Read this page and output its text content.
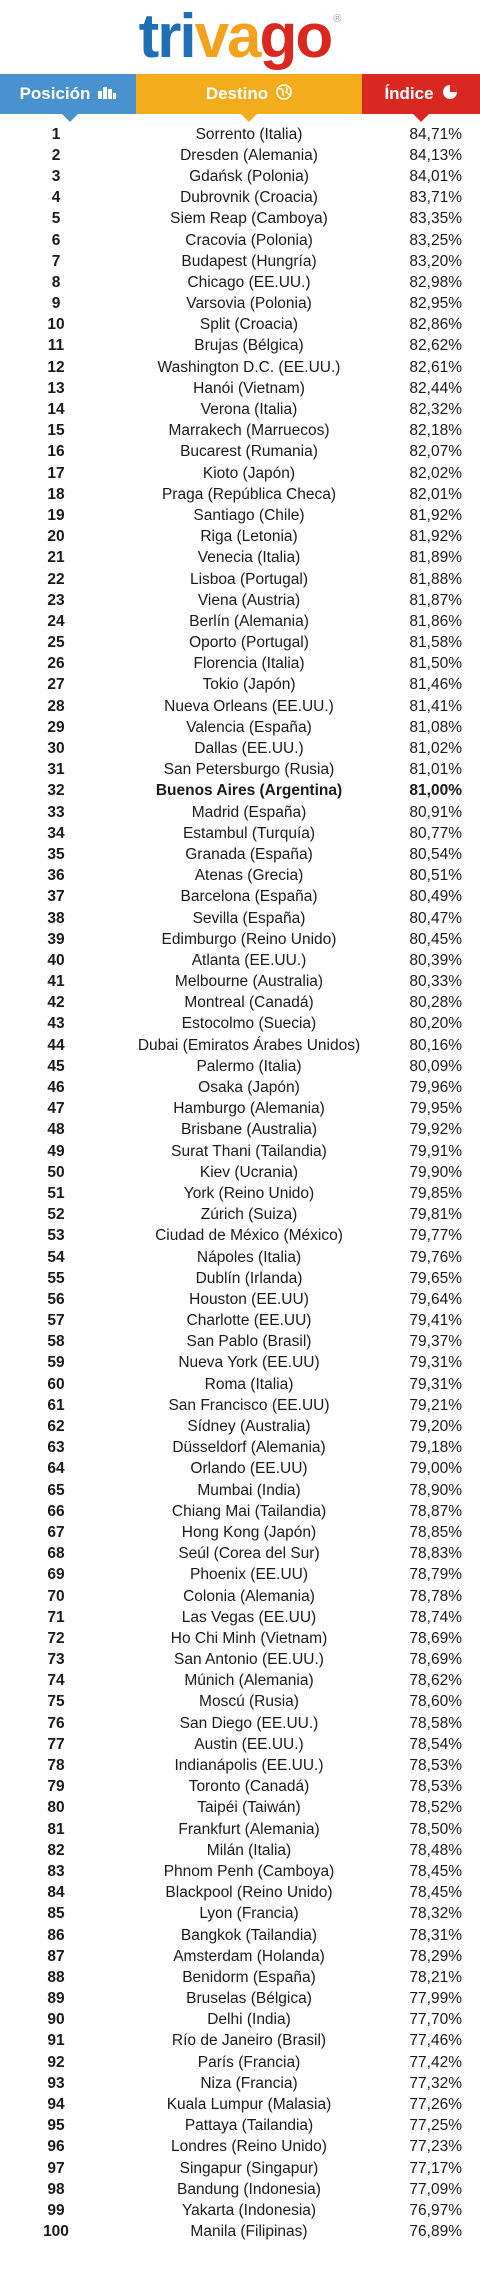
trivago ®
Posición	Destino	Índice
1	Sorrento (Italia)	84,71%
2	Dresden (Alemania)	84,13%
3	Gdańsk (Polonia)	84,01%
4	Dubrovnik (Croacia)	83,71%
5	Siem Reap (Camboya)	83,35%
6	Cracovia (Polonia)	83,25%
7	Budapest (Hungría)	83,20%
8	Chicago (EE.UU.)	82,98%
9	Varsovia (Polonia)	82,95%
10	Split (Croacia)	82,86%
11	Brujas (Bélgica)	82,62%
12	Washington D.C. (EE.UU.)	82,61%
13	Hanói (Vietnam)	82,44%
14	Verona (Italia)	82,32%
15	Marrakech (Marruecos)	82,18%
16	Bucarest (Rumania)	82,07%
17	Kioto (Japón)	82,02%
18	Praga (República Checa)	82,01%
19	Santiago (Chile)	81,92%
20	Riga (Letonia)	81,92%
21	Venecia (Italia)	81,89%
22	Lisboa (Portugal)	81,88%
23	Viena (Austria)	81,87%
24	Berlín (Alemania)	81,86%
25	Oporto (Portugal)	81,58%
26	Florencia (Italia)	81,50%
27	Tokio (Japón)	81,46%
28	Nueva Orleans (EE.UU.)	81,41%
29	Valencia (España)	81,08%
30	Dallas (EE.UU.)	81,02%
31	San Petersburgo (Rusia)	81,01%
32	Buenos Aires (Argentina)	81,00%
33	Madrid (España)	80,91%
34	Estambul (Turquía)	80,77%
35	Granada (España)	80,54%
36	Atenas (Grecia)	80,51%
37	Barcelona (España)	80,49%
38	Sevilla (España)	80,47%
39	Edimburgo (Reino Unido)	80,45%
40	Atlanta (EE.UU.)	80,39%
41	Melbourne (Australia)	80,33%
42	Montreal (Canadá)	80,28%
43	Estocolmo (Suecia)	80,20%
44	Dubai (Emiratos Árabes Unidos)	80,16%
45	Palermo (Italia)	80,09%
46	Osaka (Japón)	79,96%
47	Hamburgo (Alemania)	79,95%
48	Brisbane (Australia)	79,92%
49	Surat Thani (Tailandia)	79,91%
50	Kiev (Ucrania)	79,90%
51	York (Reino Unido)	79,85%
52	Zúrich (Suiza)	79,81%
53	Ciudad de México (México)	79,77%
54	Nápoles (Italia)	79,76%
55	Dublín (Irlanda)	79,65%
56	Houston (EE.UU)	79,64%
57	Charlotte (EE.UU)	79,41%
58	San Pablo (Brasil)	79,37%
59	Nueva York (EE.UU)	79,31%
60	Roma (Italia)	79,31%
61	San Francisco (EE.UU)	79,21%
62	Sídney (Australia)	79,20%
63	Düsseldorf (Alemania)	79,18%
64	Orlando (EE.UU)	79,00%
65	Mumbai (India)	78,90%
66	Chiang Mai (Tailandia)	78,87%
67	Hong Kong (Japón)	78,85%
68	Seúl (Corea del Sur)	78,83%
69	Phoenix (EE.UU)	78,79%
70	Colonia (Alemania)	78,78%
71	Las Vegas (EE.UU)	78,74%
72	Ho Chi Minh (Vietnam)	78,69%
73	San Antonio (EE.UU.)	78,69%
74	Múnich (Alemania)	78,62%
75	Moscú (Rusia)	78,60%
76	San Diego (EE.UU.)	78,58%
77	Austin (EE.UU.)	78,54%
78	Indianápolis (EE.UU.)	78,53%
79	Toronto (Canadá)	78,53%
80	Taipéi (Taiwán)	78,52%
81	Frankfurt (Alemania)	78,50%
82	Milán (Italia)	78,48%
83	Phnom Penh (Camboya)	78,45%
84	Blackpool (Reino Unido)	78,45%
85	Lyon (Francia)	78,32%
86	Bangkok (Tailandia)	78,31%
87	Amsterdam (Holanda)	78,29%
88	Benidorm (España)	78,21%
89	Bruselas (Bélgica)	77,99%
90	Delhi (India)	77,70%
91	Río de Janeiro (Brasil)	77,46%
92	París (Francia)	77,42%
93	Niza (Francia)	77,32%
94	Kuala Lumpur (Malasia)	77,26%
95	Pattaya (Tailandia)	77,25%
96	Londres (Reino Unido)	77,23%
97	Singapur (Singapur)	77,17%
98	Bandung (Indonesia)	77,09%
99	Yakarta (Indonesia)	76,97%
100	Manila (Filipinas)	76,89%
